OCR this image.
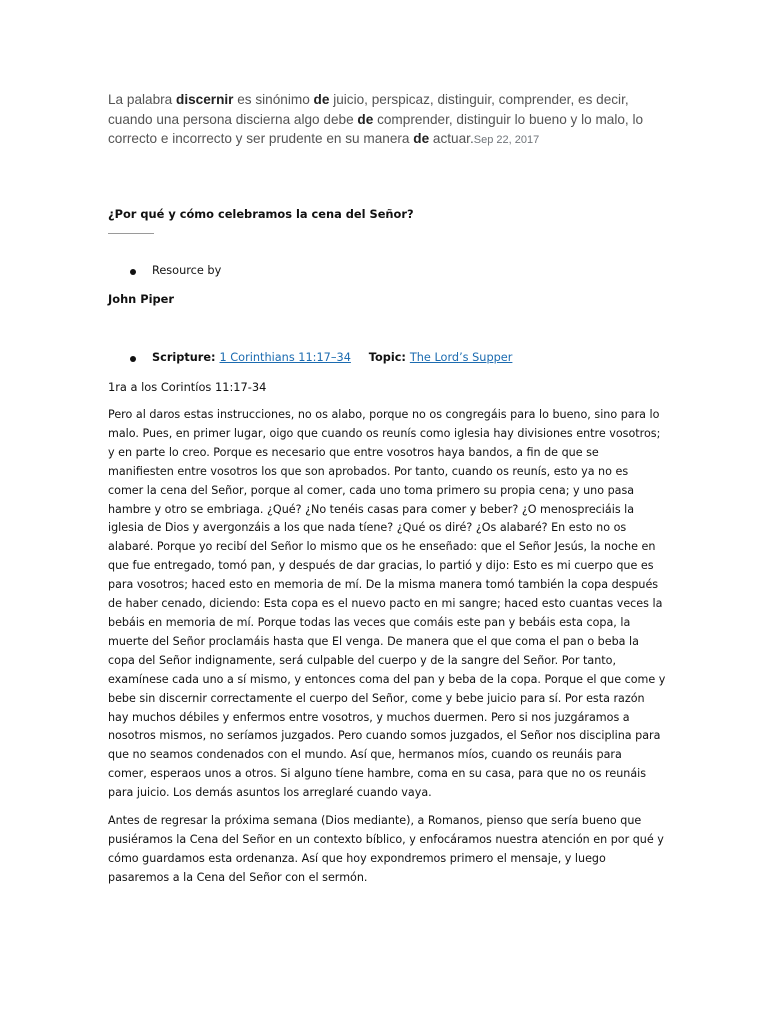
La palabra discernir es sinónimo de juicio, perspicaz, distinguir, comprender, es decir, cuando una persona discierna algo debe de comprender, distinguir lo bueno y lo malo, lo correcto e incorrecto y ser prudente en su manera de actuar.Sep 22, 2017
¿Por qué y cómo celebramos la cena del Señor?
Resource by
John Piper
Scripture: 1 Corinthians 11:17–34 Topic: The Lord’s Supper
1ra a los Corintíos 11:17-34
Pero al daros estas instrucciones, no os alabo, porque no os congregáis para lo bueno, sino para lo
malo. Pues, en primer lugar, oigo que cuando os reunís como iglesia hay divisiones entre vosotros;
y en parte lo creo. Porque es necesario que entre vosotros haya bandos, a fin de que se
manifiesten entre vosotros los que son aprobados. Por tanto, cuando os reunís, esto ya no es
comer la cena del Señor, porque al comer, cada uno toma primero su propia cena; y uno pasa
hambre y otro se embriaga. ¿Qué? ¿No tenéis casas para comer y beber? ¿O menospreciáis la
iglesia de Dios y avergonzáis a los que nada tíene? ¿Qué os diré? ¿Os alabaré? En esto no os
alabaré. Porque yo recibí del Señor lo mismo que os he enseñado: que el Señor Jesús, la noche en
que fue entregado, tomó pan, y después de dar gracias, lo partió y dijo: Esto es mi cuerpo que es
para vosotros; haced esto en memoria de mí. De la misma manera tomó también la copa después
de haber cenado, diciendo: Esta copa es el nuevo pacto en mi sangre; haced esto cuantas veces la
bebáis en memoria de mí. Porque todas las veces que comáis este pan y bebáis esta copa, la
muerte del Señor proclamáis hasta que El venga. De manera que el que coma el pan o beba la
copa del Señor indignamente, será culpable del cuerpo y de la sangre del Señor. Por tanto,
examínese cada uno a sí mismo, y entonces coma del pan y beba de la copa. Porque el que come y
bebe sin discernir correctamente el cuerpo del Señor, come y bebe juicio para sí. Por esta razón
hay muchos débiles y enfermos entre vosotros, y muchos duermen. Pero si nos juzgáramos a
nosotros mismos, no seríamos juzgados. Pero cuando somos juzgados, el Señor nos disciplina para
que no seamos condenados con el mundo. Así que, hermanos míos, cuando os reunáis para
comer, esperaos unos a otros. Si alguno tíene hambre, coma en su casa, para que no os reunáis
para juicio. Los demás asuntos los arreglaré cuando vaya.
Antes de regresar la próxima semana (Dios mediante), a Romanos, pienso que sería bueno que
pusiéramos la Cena del Señor en un contexto bíblico, y enfocáramos nuestra atención en por qué y
cómo guardamos esta ordenanza. Así que hoy expondremos primero el mensaje, y luego
pasaremos a la Cena del Señor con el sermón.
